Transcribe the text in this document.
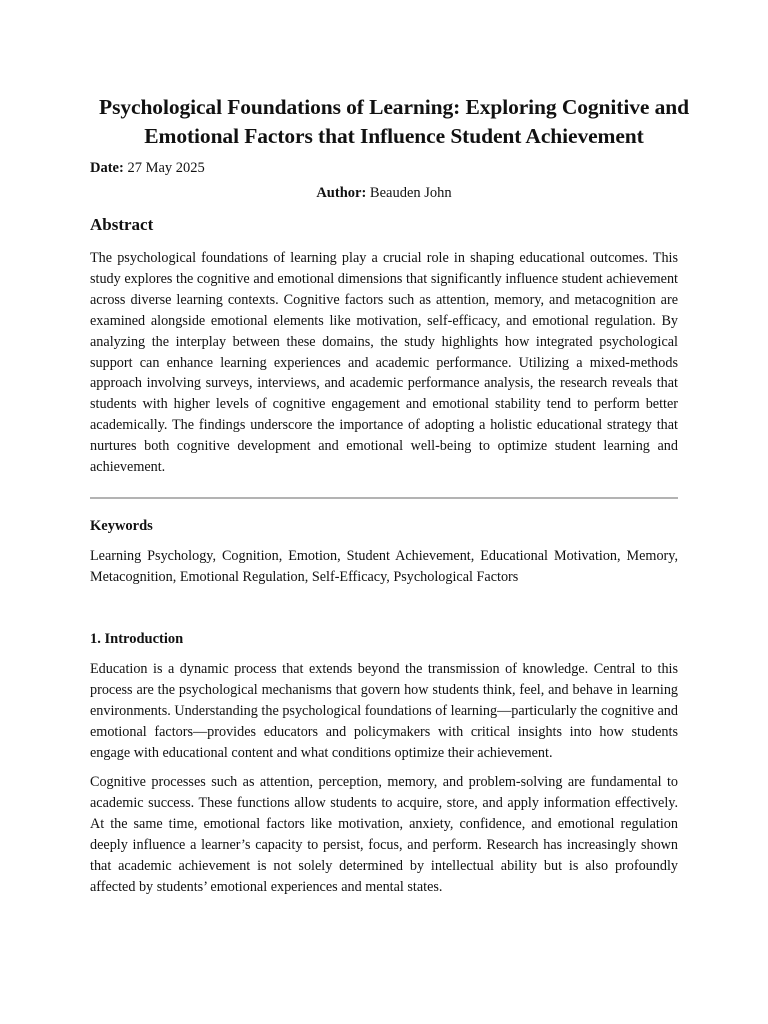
Psychological Foundations of Learning: Exploring Cognitive and Emotional Factors that Influence Student Achievement
Date: 27 May 2025
Author: Beauden John
Abstract

The psychological foundations of learning play a crucial role in shaping educational outcomes. This study explores the cognitive and emotional dimensions that significantly influence student achievement across diverse learning contexts. Cognitive factors such as attention, memory, and metacognition are examined alongside emotional elements like motivation, self-efficacy, and emotional regulation. By analyzing the interplay between these domains, the study highlights how integrated psychological support can enhance learning experiences and academic performance. Utilizing a mixed-methods approach involving surveys, interviews, and academic performance analysis, the research reveals that students with higher levels of cognitive engagement and emotional stability tend to perform better academically. The findings underscore the importance of adopting a holistic educational strategy that nurtures both cognitive development and emotional well-being to optimize student learning and achievement.

Keywords

Learning Psychology, Cognition, Emotion, Student Achievement, Educational Motivation, Memory, Metacognition, Emotional Regulation, Self-Efficacy, Psychological Factors

1. Introduction

Education is a dynamic process that extends beyond the transmission of knowledge. Central to this process are the psychological mechanisms that govern how students think, feel, and behave in learning environments. Understanding the psychological foundations of learning—particularly the cognitive and emotional factors—provides educators and policymakers with critical insights into how students engage with educational content and what conditions optimize their achievement.

Cognitive processes such as attention, perception, memory, and problem-solving are fundamental to academic success. These functions allow students to acquire, store, and apply information effectively. At the same time, emotional factors like motivation, anxiety, confidence, and emotional regulation deeply influence a learner’s capacity to persist, focus, and perform. Research has increasingly shown that academic achievement is not solely determined by intellectual ability but is also profoundly affected by students’ emotional experiences and mental states.
